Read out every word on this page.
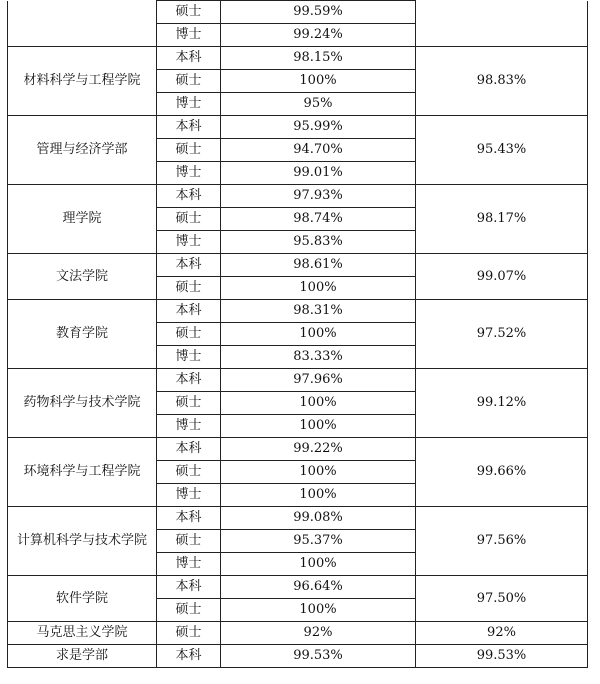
	硕士	99.59%	
	博士	99.24%	
材料科学与工程学院	本科	98.15%	98.83%
	硕士	100%	
	博士	95%	
管理与经济学部	本科	95.99%	95.43%
	硕士	94.70%	
	博士	99.01%	
理学院	本科	97.93%	98.17%
	硕士	98.74%	
	博士	95.83%	
文法学院	本科	98.61%	99.07%
	硕士	100%	
教育学院	本科	98.31%	97.52%
	硕士	100%	
	博士	83.33%	
药物科学与技术学院	本科	97.96%	99.12%
	硕士	100%	
	博士	100%	
环境科学与工程学院	本科	99.22%	99.66%
	硕士	100%	
	博士	100%	
计算机科学与技术学院	本科	99.08%	97.56%
	硕士	95.37%	
	博士	100%	
软件学院	本科	96.64%	97.50%
	硕士	100%	
马克思主义学院	硕士	92%	92%
求是学部	本科	99.53%	99.53%
